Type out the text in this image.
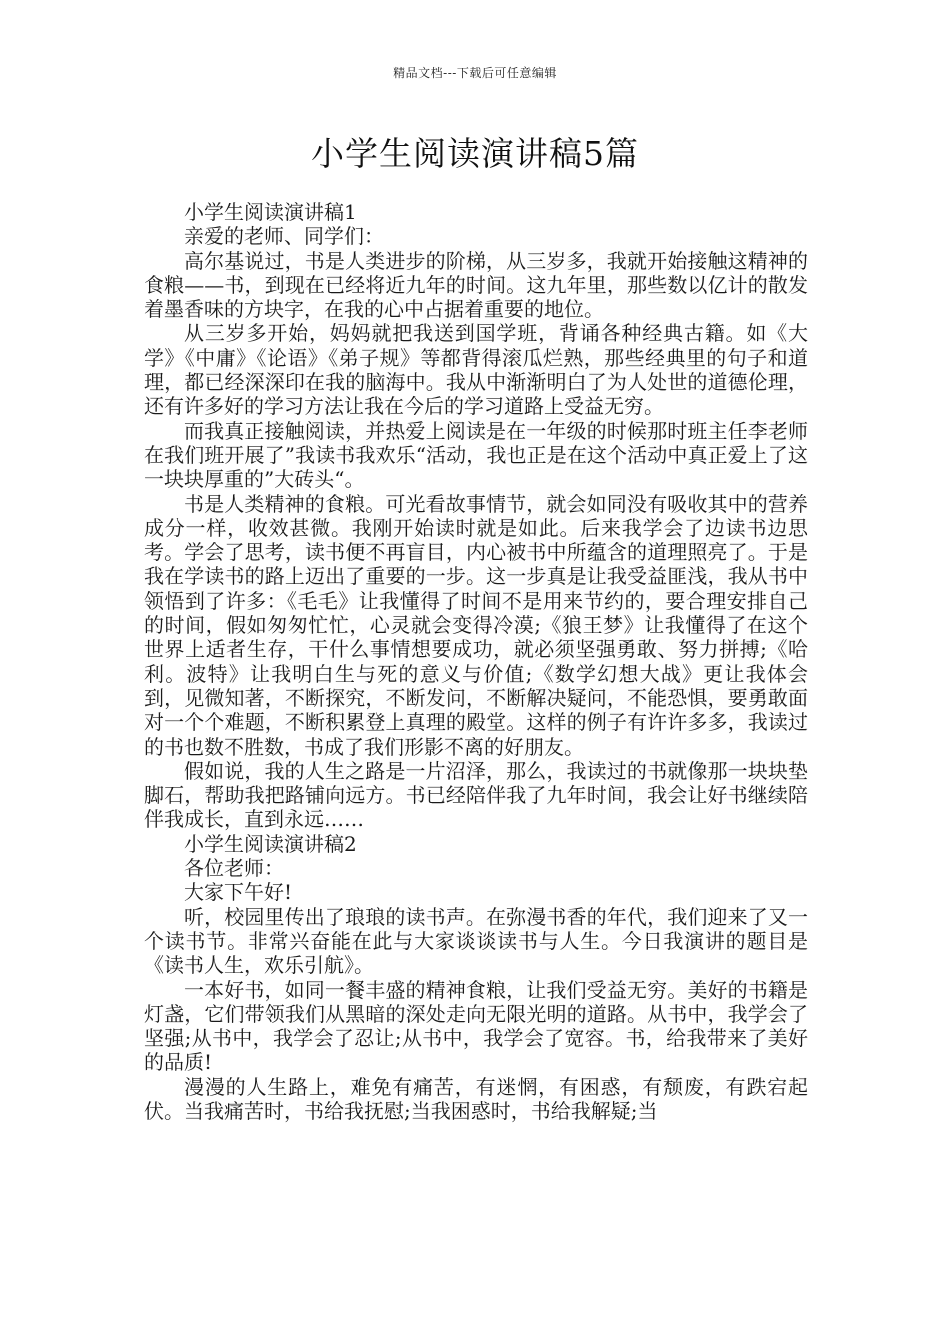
精品文档---下载后可任意编辑
小学生阅读演讲稿5篇

小学生阅读演讲稿1

亲爱的老师、同学们：

高尔基说过，书是人类进步的阶梯，从三岁多，我就开始接触这精神的食粮——书，到现在已经将近九年的时间。这九年里，那些数以亿计的散发着墨香味的方块字，在我的心中占据着重要的地位。

从三岁多开始，妈妈就把我送到国学班，背诵各种经典古籍。如《大学》《中庸》《论语》《弟子规》等都背得滚瓜烂熟，那些经典里的句子和道理，都已经深深印在我的脑海中。我从中渐渐明白了为人处世的道德伦理，还有许多好的学习方法让我在今后的学习道路上受益无穷。

而我真正接触阅读，并热爱上阅读是在一年级的时候那时班主任李老师在我们班开展了”我读书我欢乐“活动，我也正是在这个活动中真正爱上了这一块块厚重的”大砖头“。

书是人类精神的食粮。可光看故事情节，就会如同没有吸收其中的营养成分一样，收效甚微。我刚开始读时就是如此。后来我学会了边读书边思考。学会了思考，读书便不再盲目，内心被书中所蕴含的道理照亮了。于是我在学读书的路上迈出了重要的一步。这一步真是让我受益匪浅，我从书中领悟到了许多：《毛毛》让我懂得了时间不是用来节约的，要合理安排自己的时间，假如匆匆忙忙，心灵就会变得冷漠;《狼王梦》让我懂得了在这个世界上适者生存，干什么事情想要成功，就必须坚强勇敢、努力拼搏;《哈利。波特》让我明白生与死的意义与价值;《数学幻想大战》更让我体会到，见微知著，不断探究，不断发问，不断解决疑问，不能恐惧，要勇敢面对一个个难题，不断积累登上真理的殿堂。这样的例子有许许多多，我读过的书也数不胜数，书成了我们形影不离的好朋友。

假如说，我的人生之路是一片沼泽，那么，我读过的书就像那一块块垫脚石，帮助我把路铺向远方。书已经陪伴我了九年时间，我会让好书继续陪伴我成长，直到永远……

小学生阅读演讲稿2

各位老师：

大家下午好!

听，校园里传出了琅琅的读书声。在弥漫书香的年代，我们迎来了又一个读书节。非常兴奋能在此与大家谈谈读书与人生。今日我演讲的题目是《读书人生，欢乐引航》。

一本好书，如同一餐丰盛的精神食粮，让我们受益无穷。美好的书籍是灯盏，它们带领我们从黑暗的深处走向无限光明的道路。从书中，我学会了坚强;从书中，我学会了忍让;从书中，我学会了宽容。书，给我带来了美好的品质!

漫漫的人生路上，难免有痛苦，有迷惘，有困惑，有颓废，有跌宕起伏。当我痛苦时，书给我抚慰;当我困惑时，书给我解疑;当
